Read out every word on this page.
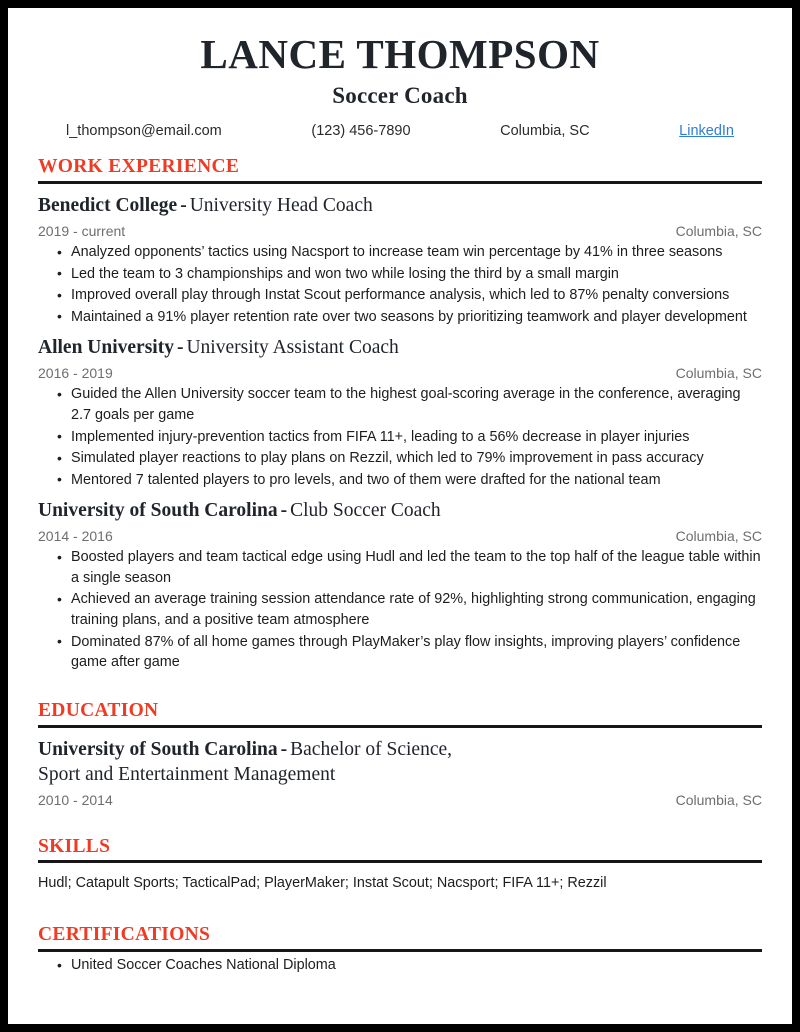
LANCE THOMPSON
Soccer Coach
l_thompson@email.com	(123) 456-7890	Columbia, SC	LinkedIn
WORK EXPERIENCE
Benedict College - University Head Coach
2019 - current	Columbia, SC
• Analyzed opponents’ tactics using Nacsport to increase team win percentage by 41% in three seasons
• Led the team to 3 championships and won two while losing the third by a small margin
• Improved overall play through Instat Scout performance analysis, which led to 87% penalty conversions
• Maintained a 91% player retention rate over two seasons by prioritizing teamwork and player development
Allen University - University Assistant Coach
2016 - 2019	Columbia, SC
• Guided the Allen University soccer team to the highest goal-scoring average in the conference, averaging 2.7 goals per game
• Implemented injury-prevention tactics from FIFA 11+, leading to a 56% decrease in player injuries
• Simulated player reactions to play plans on Rezzil, which led to 79% improvement in pass accuracy
• Mentored 7 talented players to pro levels, and two of them were drafted for the national team
University of South Carolina - Club Soccer Coach
2014 - 2016	Columbia, SC
• Boosted players and team tactical edge using Hudl and led the team to the top half of the league table within a single season
• Achieved an average training session attendance rate of 92%, highlighting strong communication, engaging training plans, and a positive team atmosphere
• Dominated 87% of all home games through PlayMaker’s play flow insights, improving players’ confidence game after game
EDUCATION
University of South Carolina - Bachelor of Science,
Sport and Entertainment Management
2010 - 2014	Columbia, SC
SKILLS
Hudl; Catapult Sports; TacticalPad; PlayerMaker; Instat Scout; Nacsport; FIFA 11+; Rezzil
CERTIFICATIONS
• United Soccer Coaches National Diploma
